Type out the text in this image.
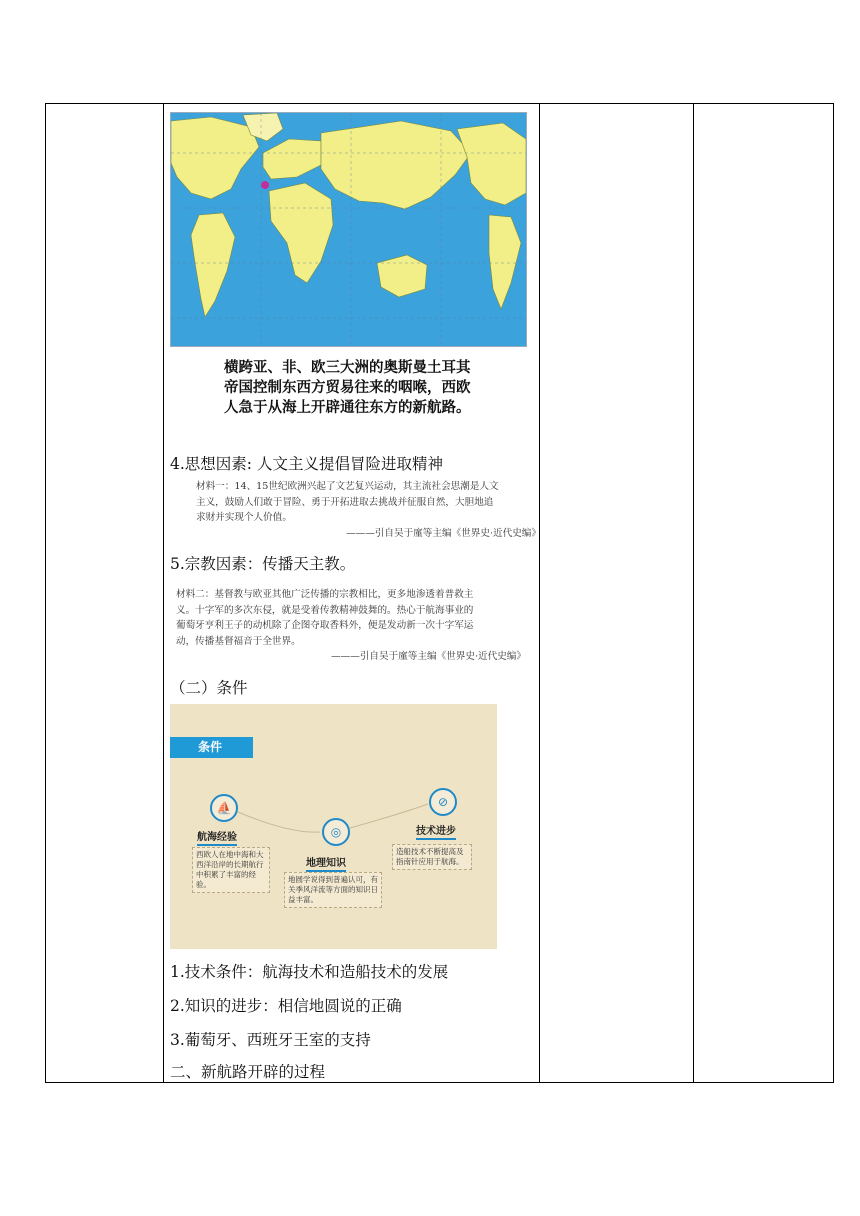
横跨亚、非、欧三大洲的奥斯曼土耳其帝国控制东西方贸易往来的咽喉，西欧人急于从海上开辟通往东方的新航路。
4.思想因素: 人文主义提倡冒险进取精神
材料一：14、15世纪欧洲兴起了文艺复兴运动，其主流社会思潮是人文
主义，鼓励人们敢于冒险、勇于开拓进取去挑战并征服自然，大胆地追
求财并实现个人价值。
———引自吴于廑等主编《世界史·近代史编》
5.宗教因素：传播天主教。
材料二：基督教与欧亚其他广泛传播的宗教相比，更多地渗透着普救主
义。十字军的多次东侵，就是受着传教精神鼓舞的。热心于航海事业的
葡萄牙亨利王子的动机除了企图夺取香料外，便是发动新一次十字军运
动，传播基督福音于全世界。
———引自吴于廑等主编《世界史·近代史编》
（二）条件
条件
⛵
◎
⊘
航海经验
西欧人在地中海和大西洋沿岸的长期航行中积累了丰富的经验。
地理知识
地圆学说得到普遍认可，有关季风洋流等方面的知识日益丰富。
技术进步
造船技术不断提高及指南针应用于航海。
1.技术条件：航海技术和造船技术的发展
2.知识的进步：相信地圆说的正确
3.葡萄牙、西班牙王室的支持
二、新航路开辟的过程
